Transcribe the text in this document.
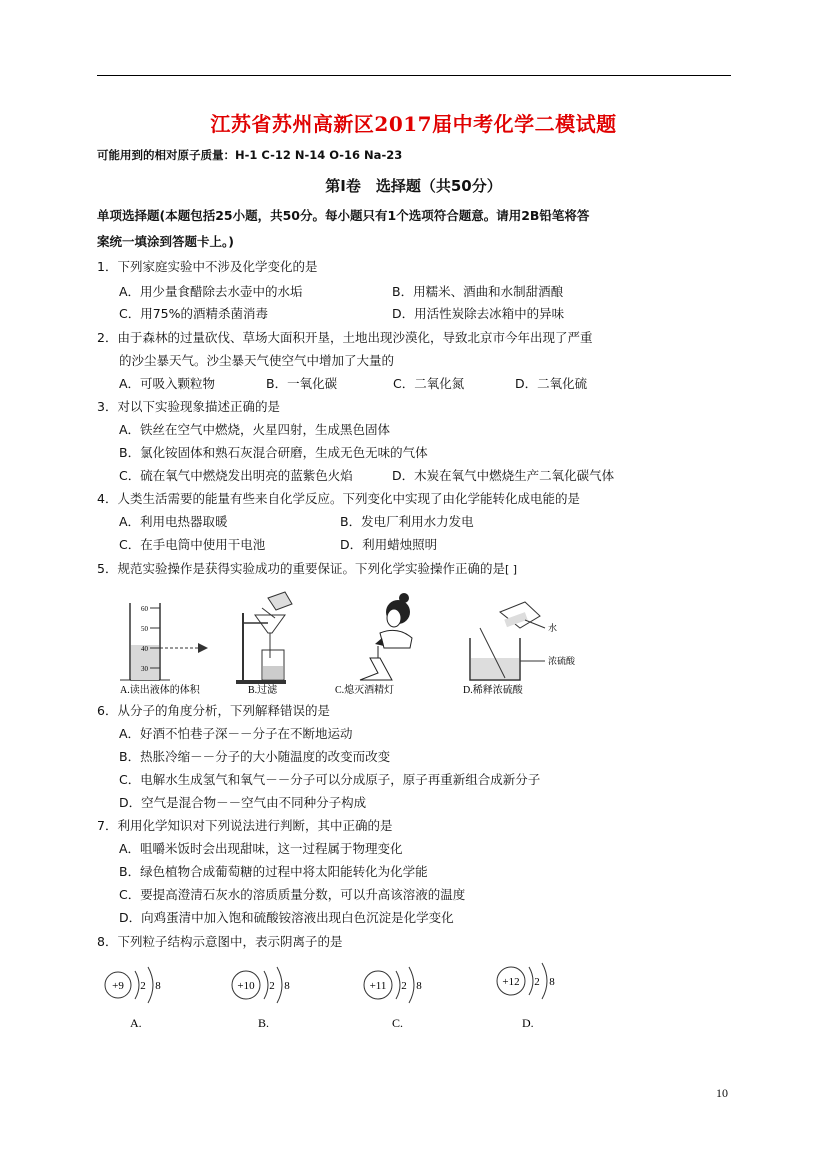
江苏省苏州高新区2017届中考化学二模试题
可能用到的相对原子质量：H-1 C-12 N-14 O-16 Na-23
第Ⅰ卷　选择题（共50分）
单项选择题(本题包括25小题，共50分。每小题只有1个选项符合题意。请用2B铅笔将答
案统一填涂到答题卡上。)
1．下列家庭实验中不涉及化学变化的是
A．用少量食醋除去水壶中的水垢	B．用糯米、酒曲和水制甜酒酿
C．用75%的酒精杀菌消毒	D．用活性炭除去冰箱中的异味
2．由于森林的过量砍伐、草场大面积开垦，土地出现沙漠化，导致北京市今年出现了严重
的沙尘暴天气。沙尘暴天气使空气中增加了大量的
A．可吸入颗粒物	B．一氧化碳	C．二氧化氮	D．二氧化硫
3．对以下实验现象描述正确的是
A．铁丝在空气中燃烧，火星四射，生成黑色固体
B．氯化铵固体和熟石灰混合研磨，生成无色无味的气体
C．硫在氧气中燃烧发出明亮的蓝紫色火焰	D．木炭在氧气中燃烧生产二氧化碳气体
4．人类生活需要的能量有些来自化学反应。下列变化中实现了由化学能转化成电能的是
A．利用电热器取暖	B．发电厂利用水力发电
C．在手电筒中使用干电池	D．利用蜡烛照明
5．规范实验操作是获得实验成功的重要保证。下列化学实验操作正确的是[ ]
60
50
40
30
A.读出液体的体积	B.过滤	C.熄灭酒精灯
水
浓硫酸
D.稀释浓硫酸
6．从分子的角度分析，下列解释错误的是
A．好酒不怕巷子深－－分子在不断地运动
B．热胀冷缩－－分子的大小随温度的改变而改变
C．电解水生成氢气和氧气－－分子可以分成原子，原子再重新组合成新分子
D．空气是混合物－－空气由不同种分子构成
7．利用化学知识对下列说法进行判断，其中正确的是
A．咀嚼米饭时会出现甜味，这一过程属于物理变化
B．绿色植物合成葡萄糖的过程中将太阳能转化为化学能
C．要提高澄清石灰水的溶质质量分数，可以升高该溶液的温度
D．向鸡蛋清中加入饱和硫酸铵溶液出现白色沉淀是化学变化
8．下列粒子结构示意图中，表示阴离子的是
+9 2 8
A.
+10 2 8
B.
+11 2 8
C.
+12 2 8
D.
10
